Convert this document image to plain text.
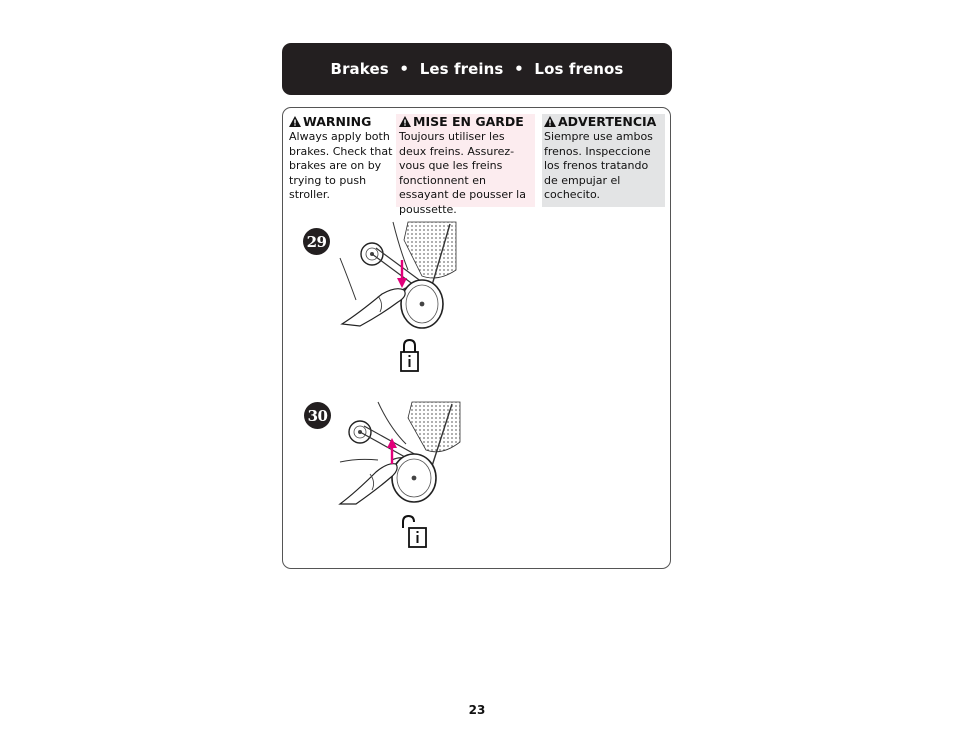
Brakes  •  Les freins  •  Los frenos
WARNING
Always apply both brakes. Check that brakes are on by trying to push stroller.
MISE EN GARDE
Toujours utiliser les deux freins. Assurez-vous que les freins fonctionnent en essayant de pousser la poussette.
ADVERTENCIA
Siempre use ambos frenos. Inspeccione los frenos tratando de empujar el cochecito.
29
30
23
